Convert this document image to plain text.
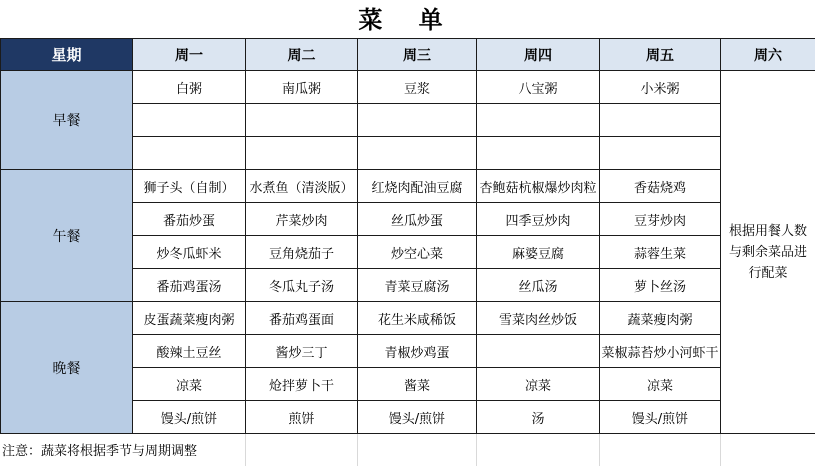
菜 单
星期	周一	周二	周三	周四	周五	周六
早餐	白粥	南瓜粥	豆浆	八宝粥	小米粥	根据用餐人数与剩余菜品进行配菜

午餐	狮子头（自制）	水煮鱼（清淡版）	红烧肉配油豆腐	杏鲍菇杭椒爆炒肉粒	香菇烧鸡	
	番茄炒蛋	芹菜炒肉	丝瓜炒蛋	四季豆炒肉	豆芽炒肉	
	炒冬瓜虾米	豆角烧茄子	炒空心菜	麻婆豆腐	蒜蓉生菜	
	番茄鸡蛋汤	冬瓜丸子汤	青菜豆腐汤	丝瓜汤	萝卜丝汤	
晚餐	皮蛋蔬菜瘦肉粥	番茄鸡蛋面	花生米咸稀饭	雪菜肉丝炒饭	蔬菜瘦肉粥	
	酸辣土豆丝	酱炒三丁	青椒炒鸡蛋		菜椒蒜苔炒小河虾干	
	凉菜	炝拌萝卜干	酱菜	凉菜	凉菜	
	馒头/煎饼	煎饼	馒头/煎饼	汤	馒头/煎饼	
注意：蔬菜将根据季节与周期调整
